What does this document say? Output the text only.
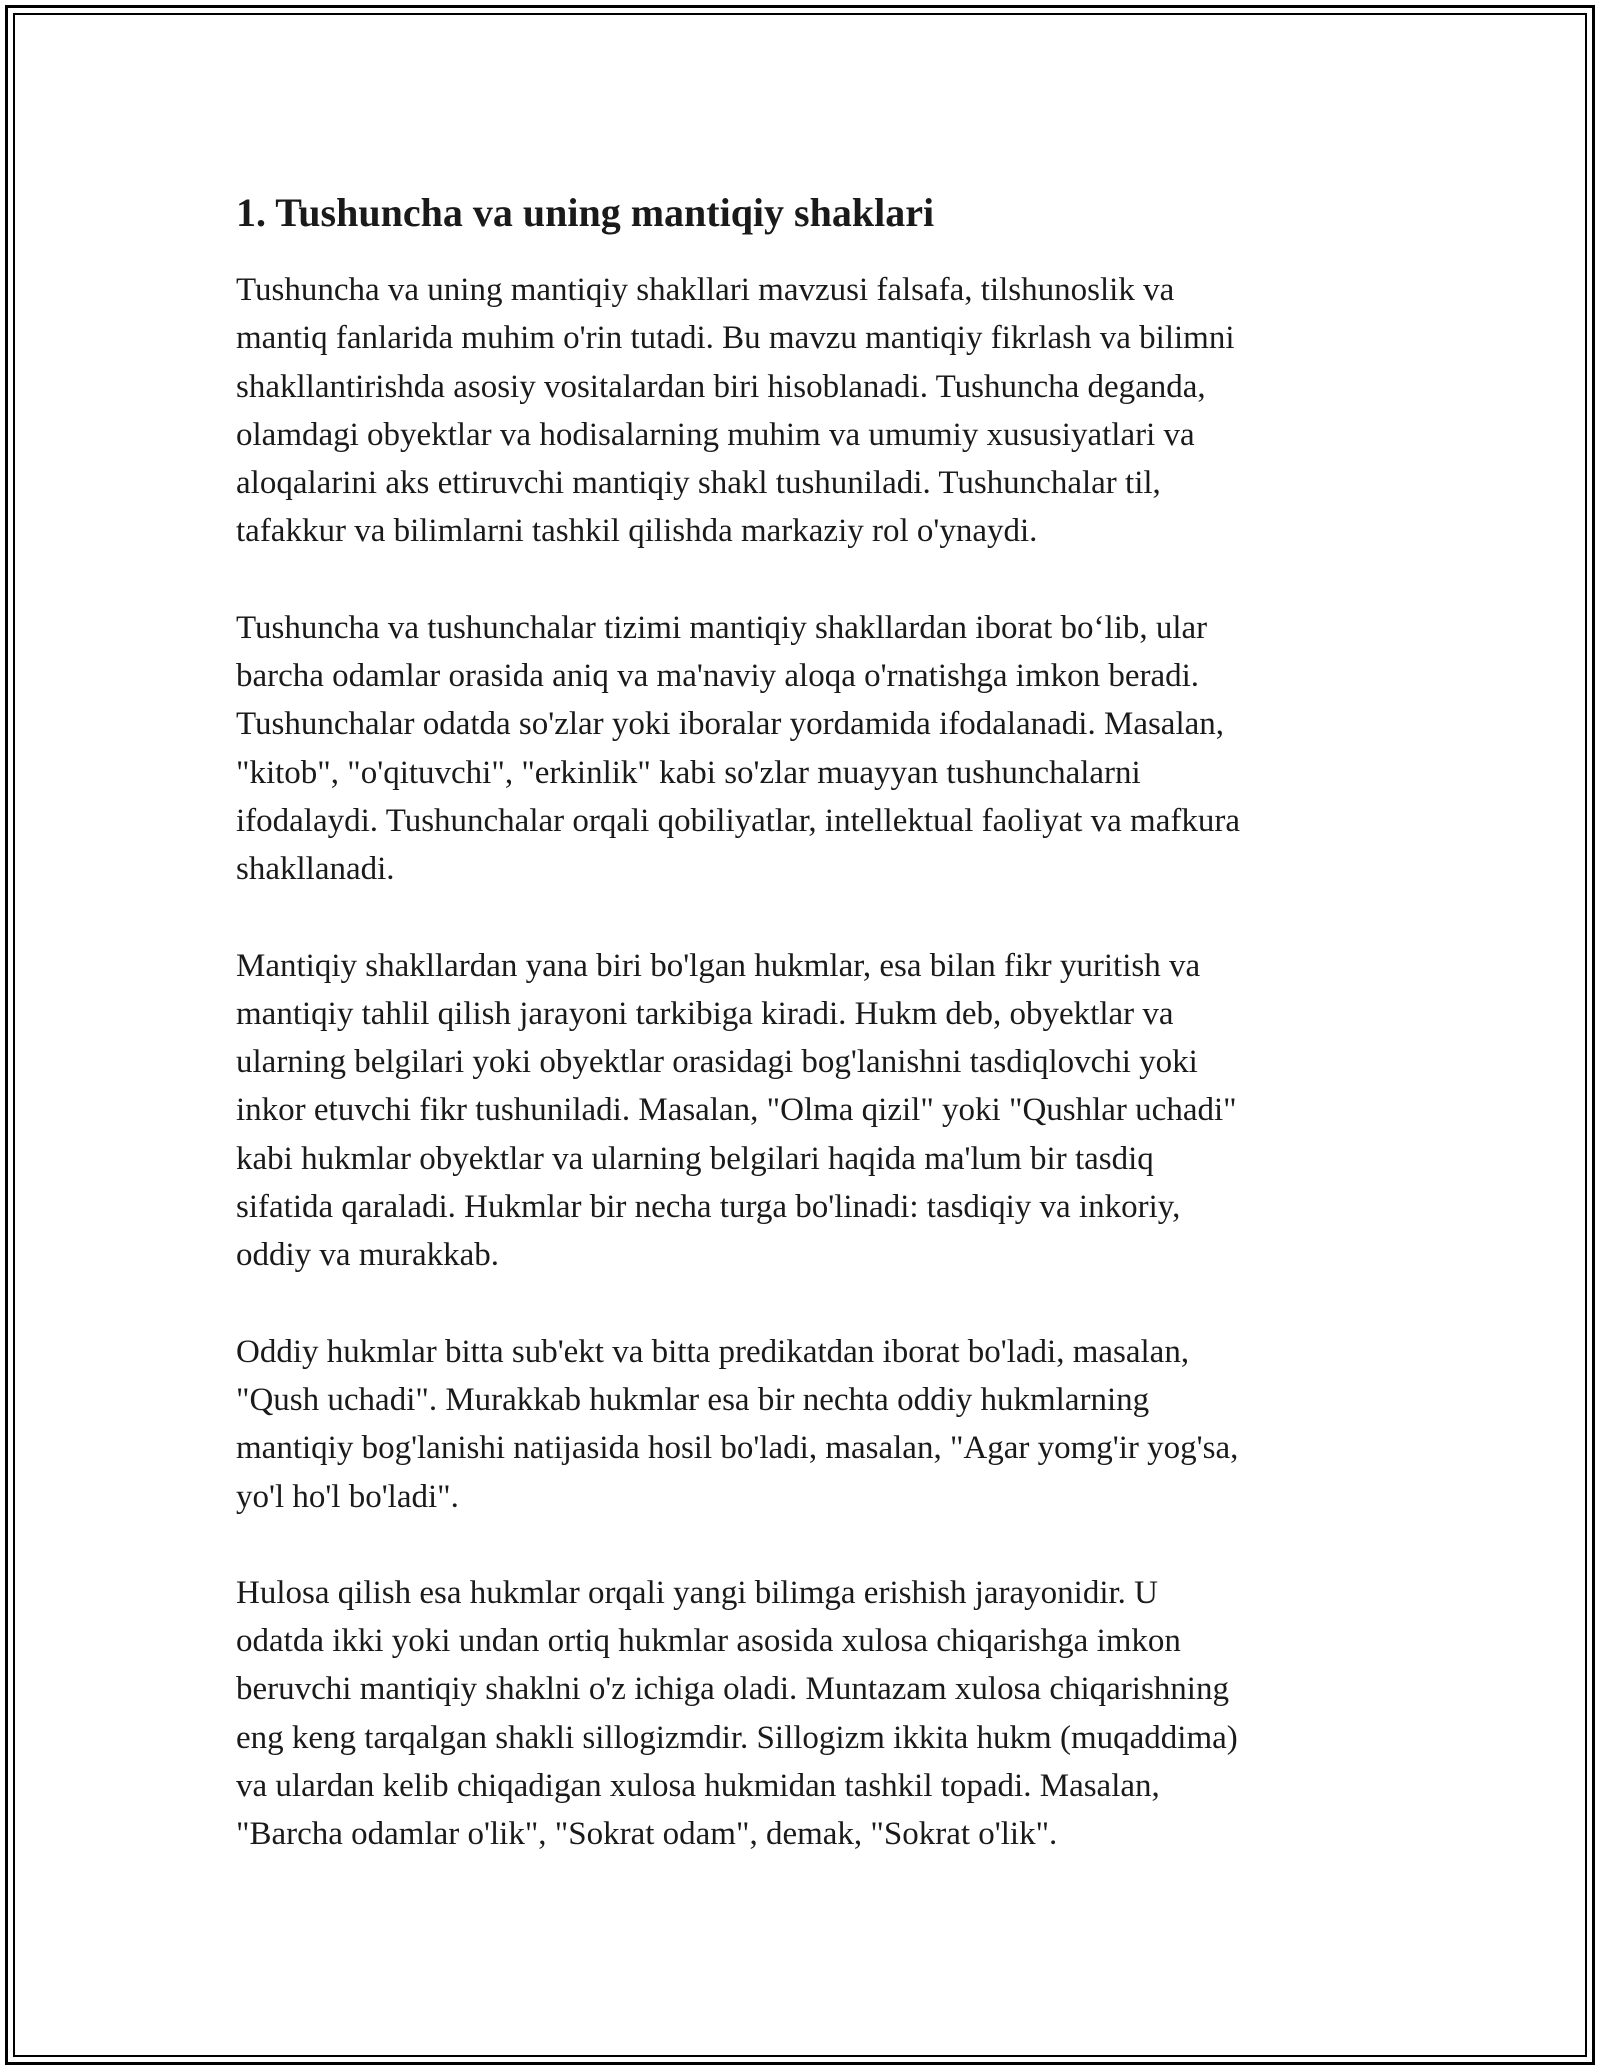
1. Tushuncha va uning mantiqiy shaklari
Tushuncha va uning mantiqiy shakllari mavzusi falsafa, tilshunoslik va
mantiq fanlarida muhim o'rin tutadi. Bu mavzu mantiqiy fikrlash va bilimni
shakllantirishda asosiy vositalardan biri hisoblanadi. Tushuncha deganda,
olamdagi obyektlar va hodisalarning muhim va umumiy xususiyatlari va
aloqalarini aks ettiruvchi mantiqiy shakl tushuniladi. Tushunchalar til,
tafakkur va bilimlarni tashkil qilishda markaziy rol o'ynaydi.
Tushuncha va tushunchalar tizimi mantiqiy shakllardan iborat bo‘lib, ular
barcha odamlar orasida aniq va ma'naviy aloqa o'rnatishga imkon beradi.
Tushunchalar odatda so'zlar yoki iboralar yordamida ifodalanadi. Masalan,
"kitob", "o'qituvchi", "erkinlik" kabi so'zlar muayyan tushunchalarni
ifodalaydi. Tushunchalar orqali qobiliyatlar, intellektual faoliyat va mafkura
shakllanadi.
Mantiqiy shakllardan yana biri bo'lgan hukmlar, esa bilan fikr yuritish va
mantiqiy tahlil qilish jarayoni tarkibiga kiradi. Hukm deb, obyektlar va
ularning belgilari yoki obyektlar orasidagi bog'lanishni tasdiqlovchi yoki
inkor etuvchi fikr tushuniladi. Masalan, "Olma qizil" yoki "Qushlar uchadi"
kabi hukmlar obyektlar va ularning belgilari haqida ma'lum bir tasdiq
sifatida qaraladi. Hukmlar bir necha turga bo'linadi: tasdiqiy va inkoriy,
oddiy va murakkab.
Oddiy hukmlar bitta sub'ekt va bitta predikatdan iborat bo'ladi, masalan,
"Qush uchadi". Murakkab hukmlar esa bir nechta oddiy hukmlarning
mantiqiy bog'lanishi natijasida hosil bo'ladi, masalan, "Agar yomg'ir yog'sa,
yo'l ho'l bo'ladi".
Hulosa qilish esa hukmlar orqali yangi bilimga erishish jarayonidir. U
odatda ikki yoki undan ortiq hukmlar asosida xulosa chiqarishga imkon
beruvchi mantiqiy shaklni o'z ichiga oladi. Muntazam xulosa chiqarishning
eng keng tarqalgan shakli sillogizmdir. Sillogizm ikkita hukm (muqaddima)
va ulardan kelib chiqadigan xulosa hukmidan tashkil topadi. Masalan,
"Barcha odamlar o'lik", "Sokrat odam", demak, "Sokrat o'lik".
